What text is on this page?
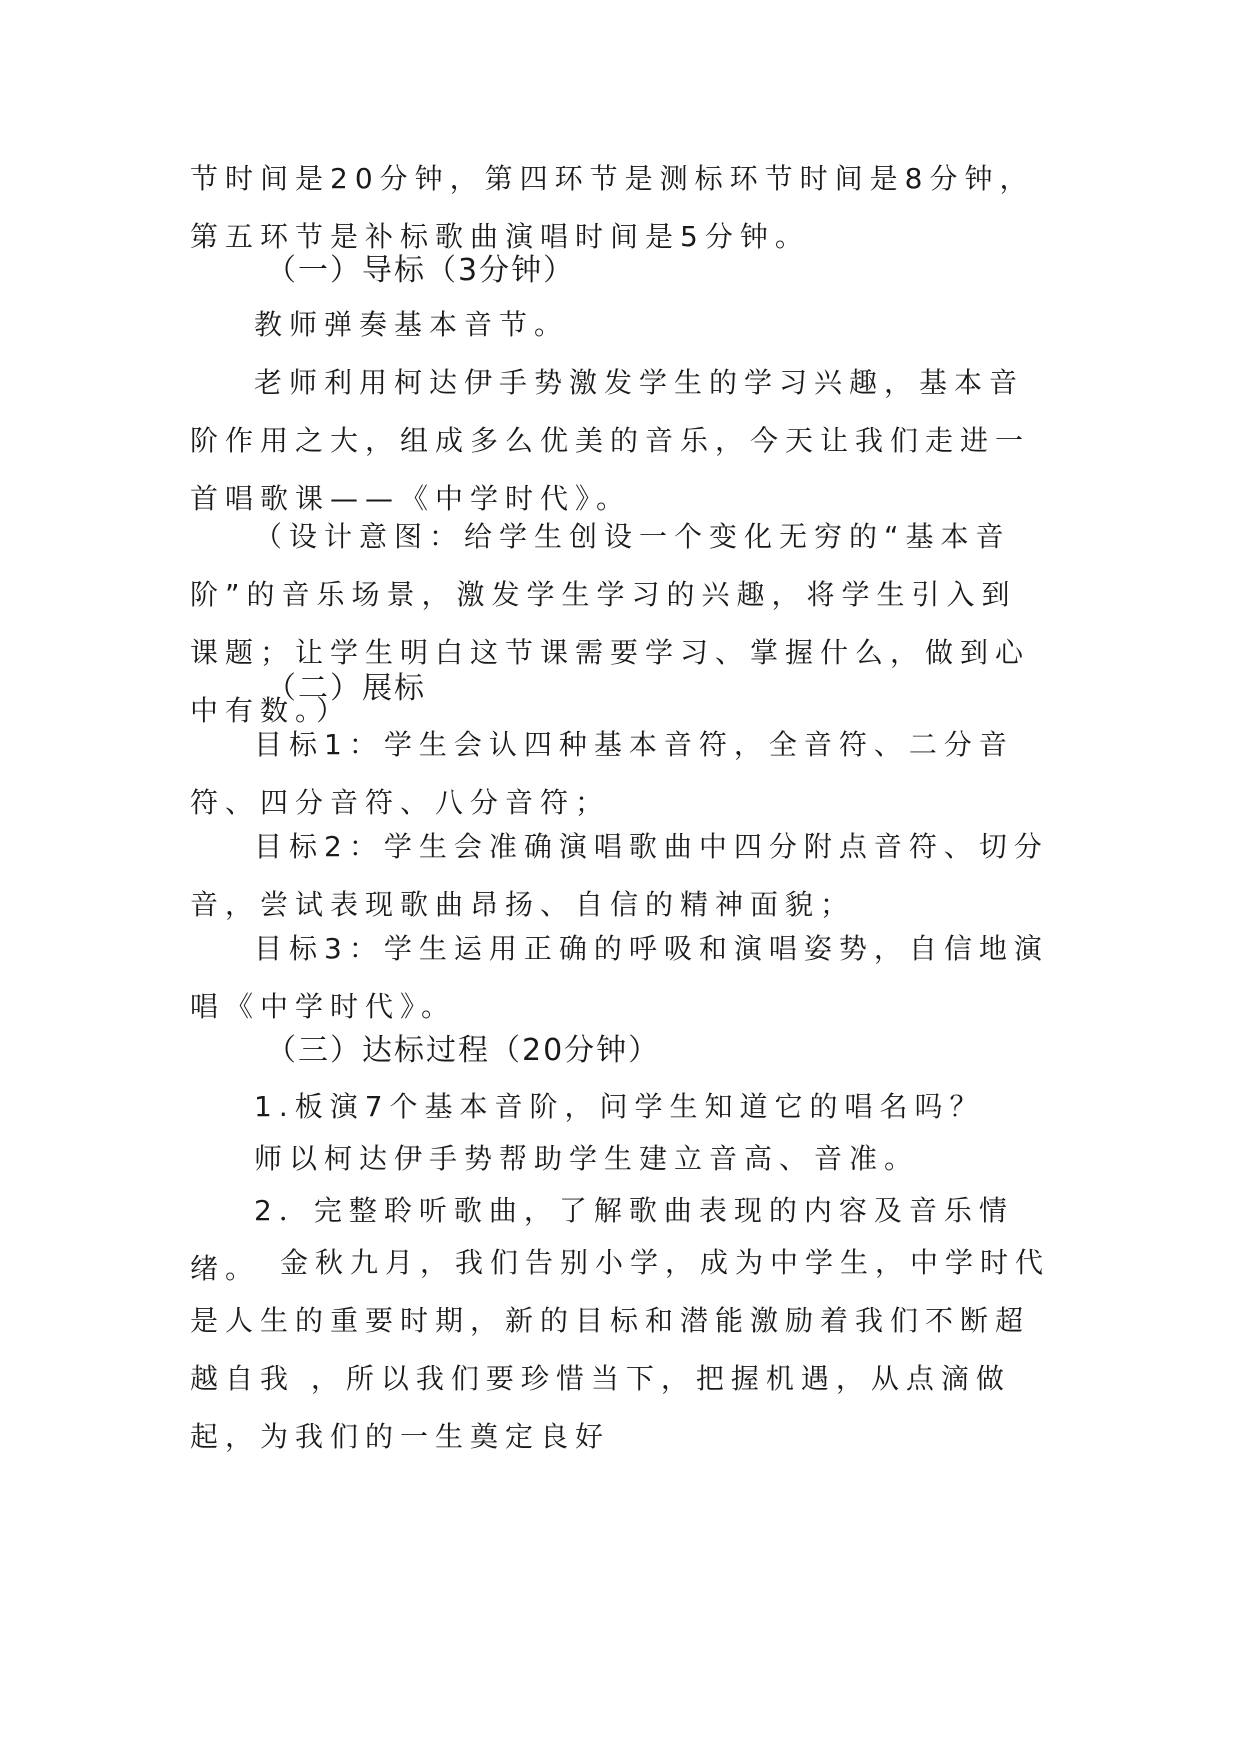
节时间是20分钟，第四环节是测标环节时间是8分钟，第五环节是补标歌曲演唱时间是5分钟。

（一）导标（3分钟）

教师弹奏基本音节。

老师利用柯达伊手势激发学生的学习兴趣，基本音阶作用之大，组成多么优美的音乐，今天让我们走进一首唱歌课——《中学时代》。

（设计意图：给学生创设一个变化无穷的“基本音阶”的音乐场景，激发学生学习的兴趣，将学生引入到课题；让学生明白这节课需要学习、掌握什么，做到心中有数。）

（二）展标

目标1：学生会认四种基本音符，全音符、二分音符、四分音符、八分音符；

目标2：学生会准确演唱歌曲中四分附点音符、切分音，尝试表现歌曲昂扬、自信的精神面貌；

目标3：学生运用正确的呼吸和演唱姿势，自信地演唱《中学时代》。

（三）达标过程（20分钟）

1.板演7个基本音阶，问学生知道它的唱名吗？

师以柯达伊手势帮助学生建立音高、音准。

2．完整聆听歌曲，了解歌曲表现的内容及音乐情绪。 金秋九月，我们告别小学，成为中学生，中学时代是人生的重要时期，新的目标和潜能激励着我们不断超越自我 ，所以我们要珍惜当下，把握机遇，从点滴做起，为我们的一生奠定良好
